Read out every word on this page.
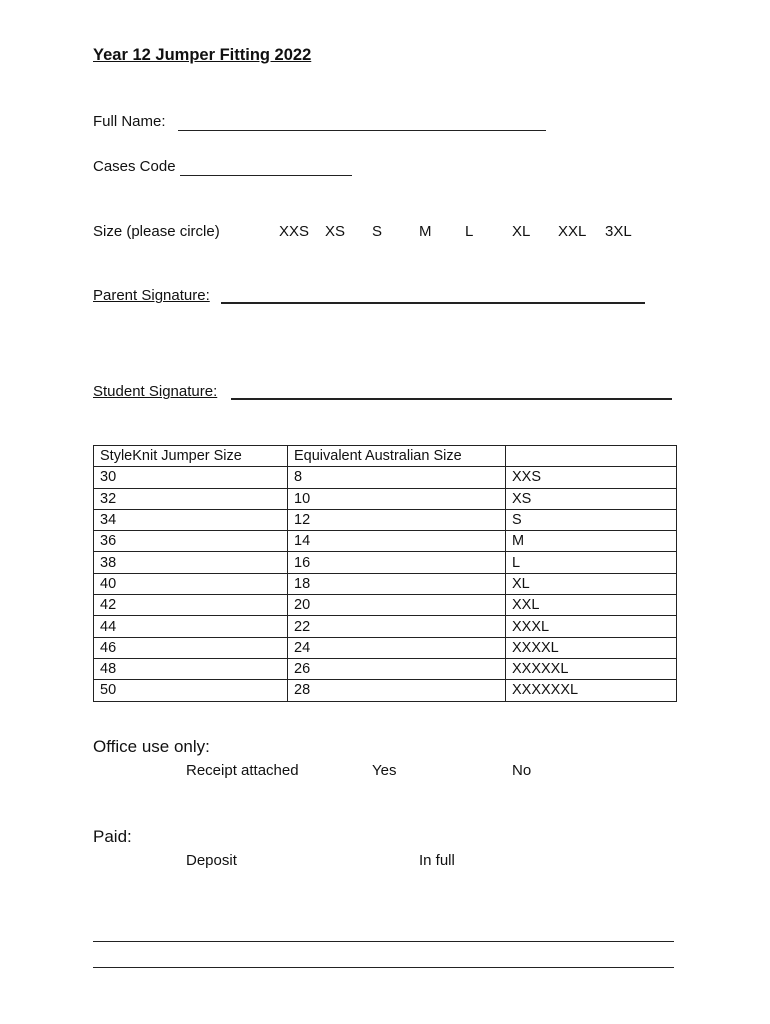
Year 12 Jumper Fitting 2022
Full Name:
Cases Code
Size (please circle)	XXS XS S M L	XL XXL 3XL
Parent Signature:
Student Signature:
StyleKnit Jumper Size	Equivalent Australian Size	
30	8	XXS
32	10	XS
34	12	S
36	14	M
38	16	L
40	18	XL
42	20	XXL
44	22	XXXL
46	24	XXXXL
48	26	XXXXXL
50	28	XXXXXXL
Office use only:
Receipt attached	Yes	No
Paid:
Deposit	In full
